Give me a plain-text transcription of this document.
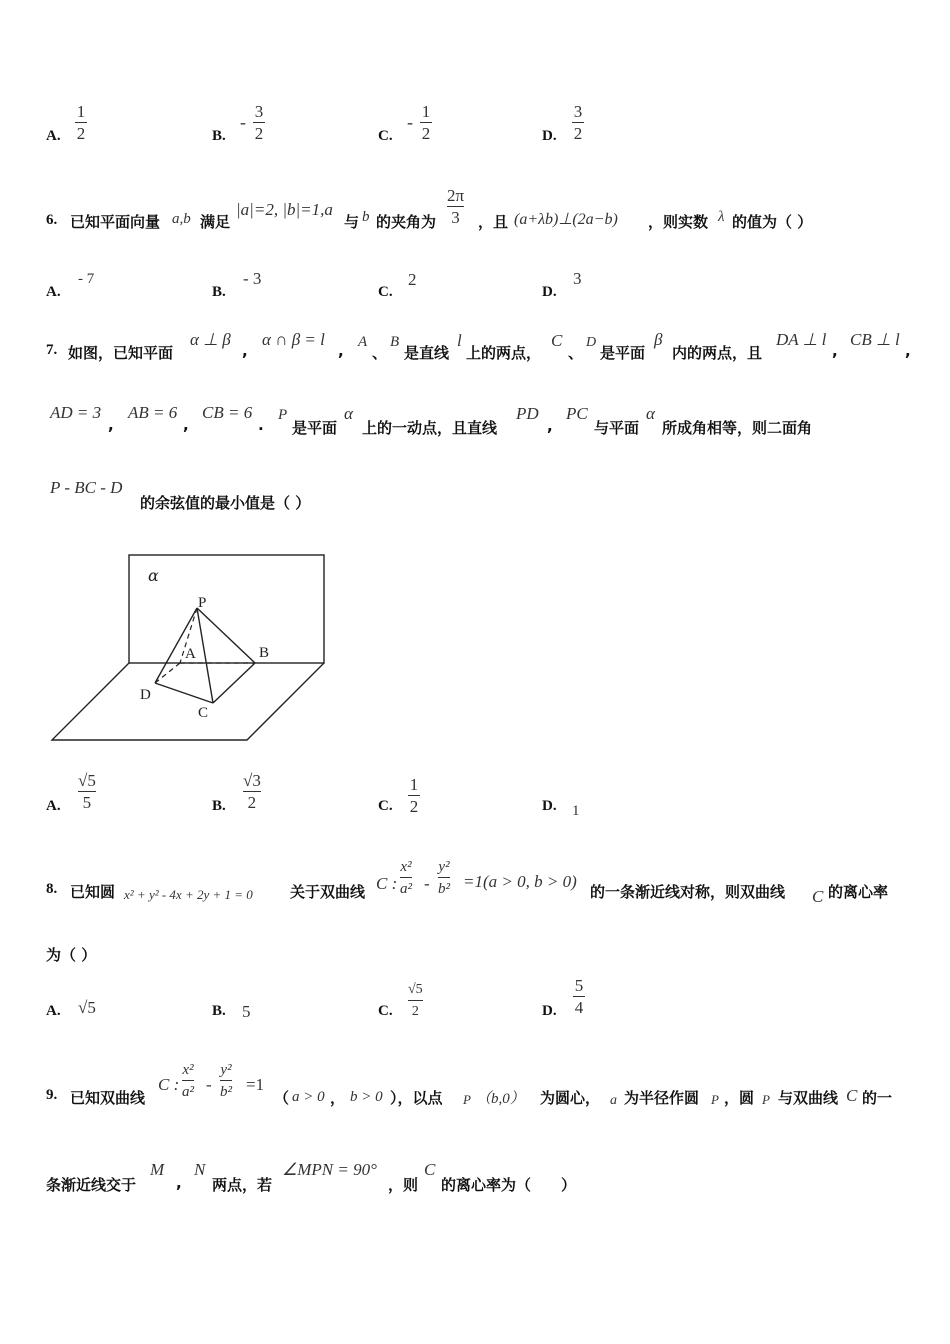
A.
1
2	B.
-
3
2	C.
-
1
2	D.
3
2
6. 已知平面向量 a,b 满足
|a|=2, |b|=1,a
与 b 的夹角为
2π
3 ，且 (a+λb)⊥(2a−b) ，则实数 λ 的值为（ ）
A.
- 7
B.
- 3
C.
2
D.
3
7. 如图，已知平面
α ⊥ β
,
α ∩ β = l
, A
、
B
是直线
l
上的两点，
C
、
D
是平面
β
内的两点，且
DA ⊥ l
,
CB ⊥ l
,
AD = 3
,
AB = 6
,
CB = 6
.
P
是平面
α
上的一动点，且直线
PD
,
PC
与平面
α
所成角相等，则二面角
P - BC - D
的余弦值的最小值是（ ）
α
P
A	B
C
D
A.
√5
5	B.
√3
2	C.
1
2	D. 1
8. 已知圆 x² + y² - 4x + 2y + 1 = 0 关于双曲线 C :
x²
a² -
y²
b² =1(a > 0, b > 0)
的一条渐近线对称，则双曲线 C 的离心率
为（ ）
A. √5	B. 5	C.
√5
2	D.
5
4
9. 已知双曲线
C :
x²
a² -
y²
b² =1
（ a > 0 ， b > 0 ），以点 P （b,0） 为圆心， a 为半径作圆 P ，圆 P 与双曲线 C 的一
条渐近线交于
M
,
N
两点，若
∠MPN = 90°
，则
C
的离心率为（　　）
